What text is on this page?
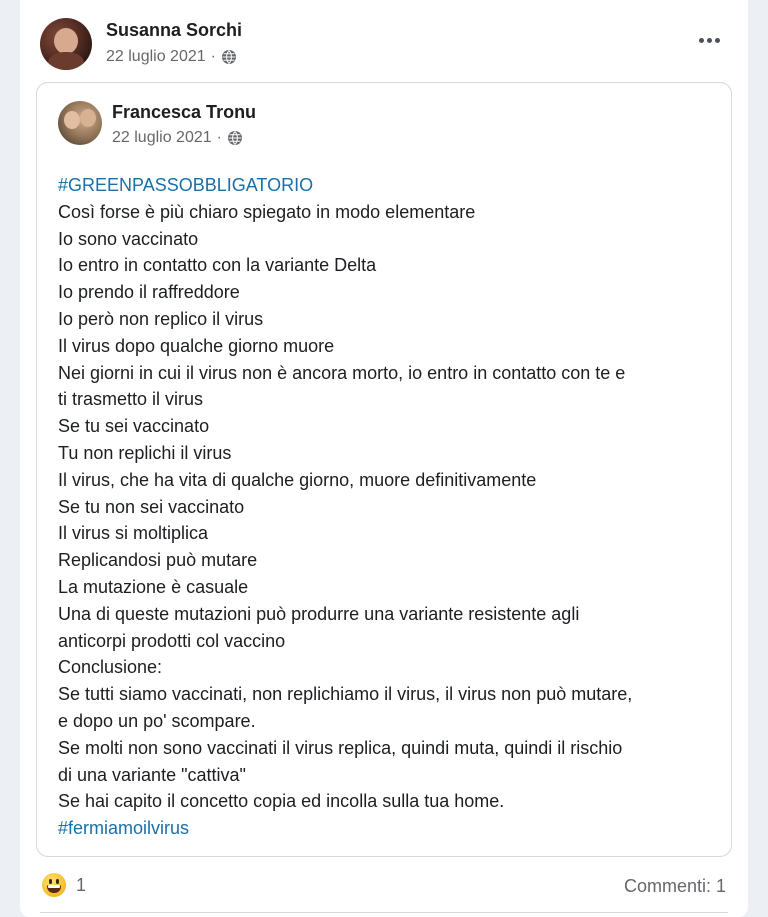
Susanna Sorchi
22 luglio 2021 ·
Francesca Tronu
22 luglio 2021 ·
#GREENPASSOBBLIGATORIO
Così forse è più chiaro spiegato in modo elementare
Io sono vaccinato
Io entro in contatto con la variante Delta
Io prendo il raffreddore
Io però non replico il virus
Il virus dopo qualche giorno muore
Nei giorni in cui il virus non è ancora morto, io entro in contatto con te e
ti trasmetto il virus
Se tu sei vaccinato
Tu non replichi il virus
Il virus, che ha vita di qualche giorno, muore definitivamente
Se tu non sei vaccinato
Il virus si moltiplica
Replicandosi può mutare
La mutazione è casuale
Una di queste mutazioni può produrre una variante resistente agli
anticorpi prodotti col vaccino
Conclusione:
Se tutti siamo vaccinati, non replichiamo il virus, il virus non può mutare,
e dopo un po' scompare.
Se molti non sono vaccinati il virus replica, quindi muta, quindi il rischio
di una variante "cattiva"
Se hai capito il concetto copia ed incolla sulla tua home.
#fermiamoilvirus
1	Commenti: 1
